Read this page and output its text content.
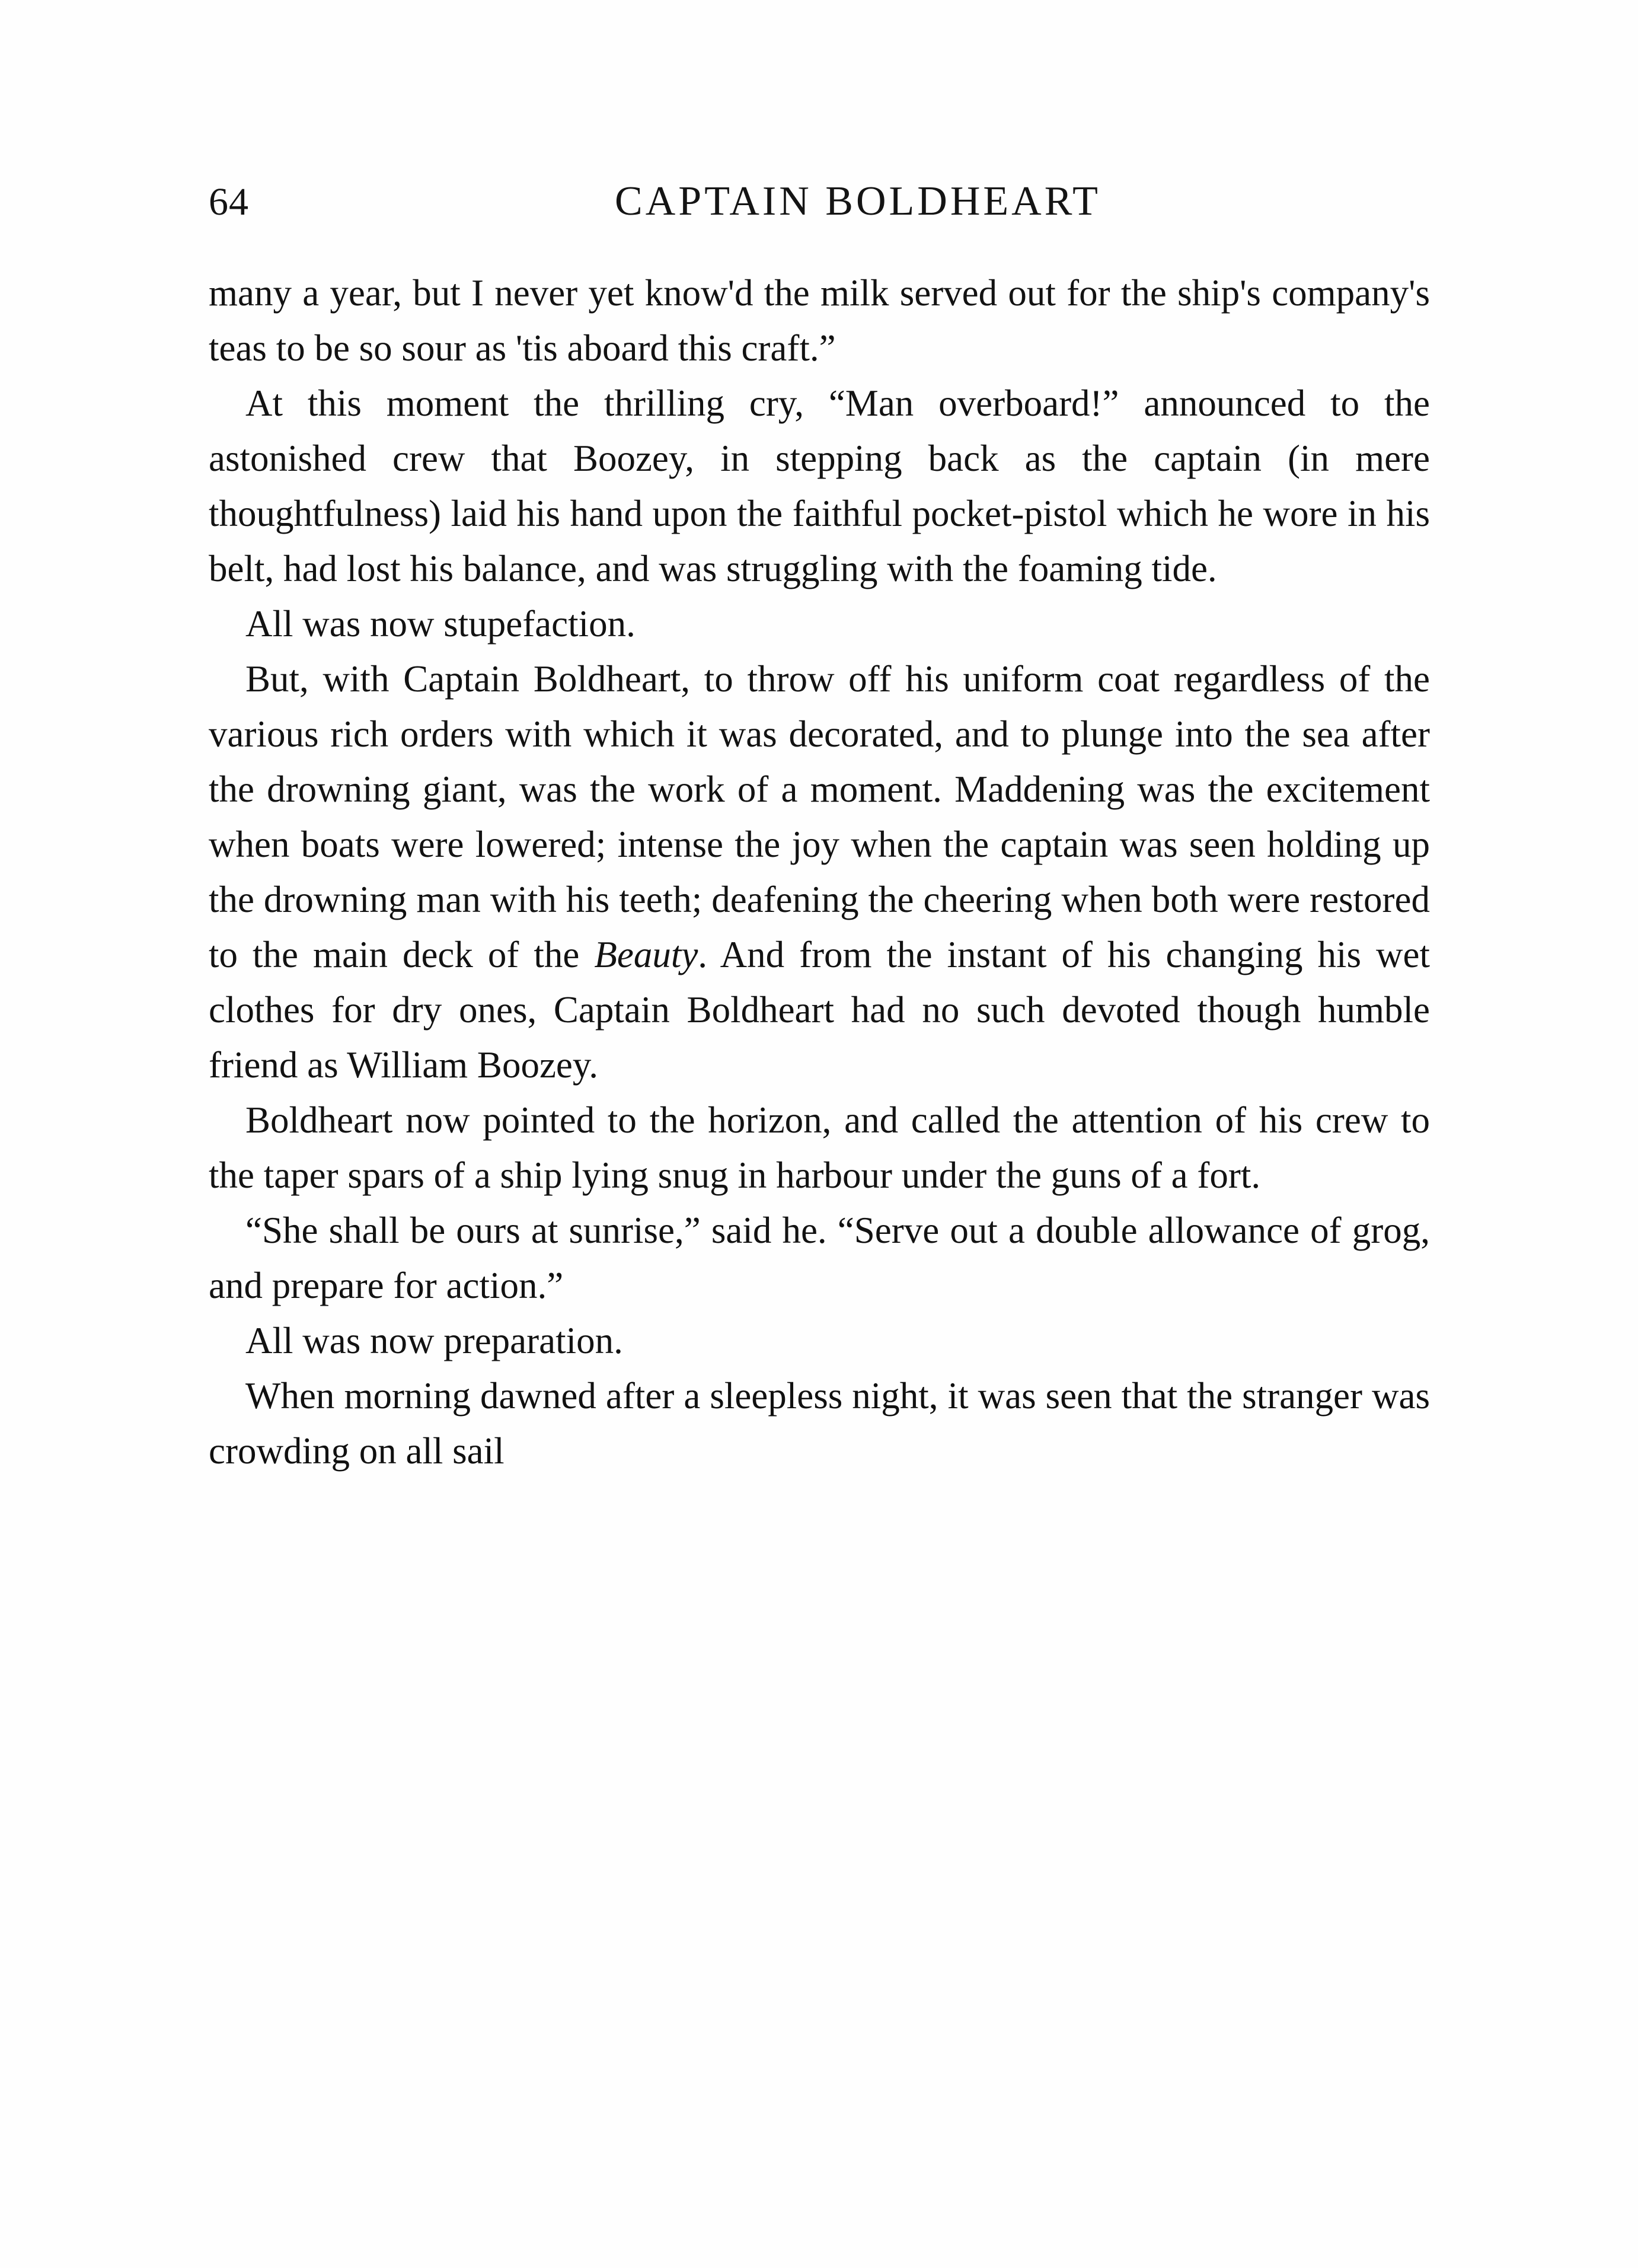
64	CAPTAIN BOLDHEART

many a year, but I never yet know'd the milk served out for the ship's company's teas to be so sour as 'tis aboard this craft.”

At this moment the thrilling cry, “Man overboard!” announced to the astonished crew that Boozey, in stepping back as the captain (in mere thoughtfulness) laid his hand upon the faithful pocket-pistol which he wore in his belt, had lost his balance, and was struggling with the foaming tide.

All was now stupefaction.

But, with Captain Boldheart, to throw off his uniform coat regardless of the various rich orders with which it was decorated, and to plunge into the sea after the drowning giant, was the work of a moment. Maddening was the excitement when boats were lowered; intense the joy when the captain was seen holding up the drowning man with his teeth; deafening the cheering when both were restored to the main deck of the Beauty. And from the instant of his changing his wet clothes for dry ones, Captain Boldheart had no such devoted though humble friend as William Boozey.

Boldheart now pointed to the horizon, and called the attention of his crew to the taper spars of a ship lying snug in harbour under the guns of a fort.

“She shall be ours at sunrise,” said he. “Serve out a double allowance of grog, and prepare for action.”

All was now preparation.

When morning dawned after a sleepless night, it was seen that the stranger was crowding on all sail
